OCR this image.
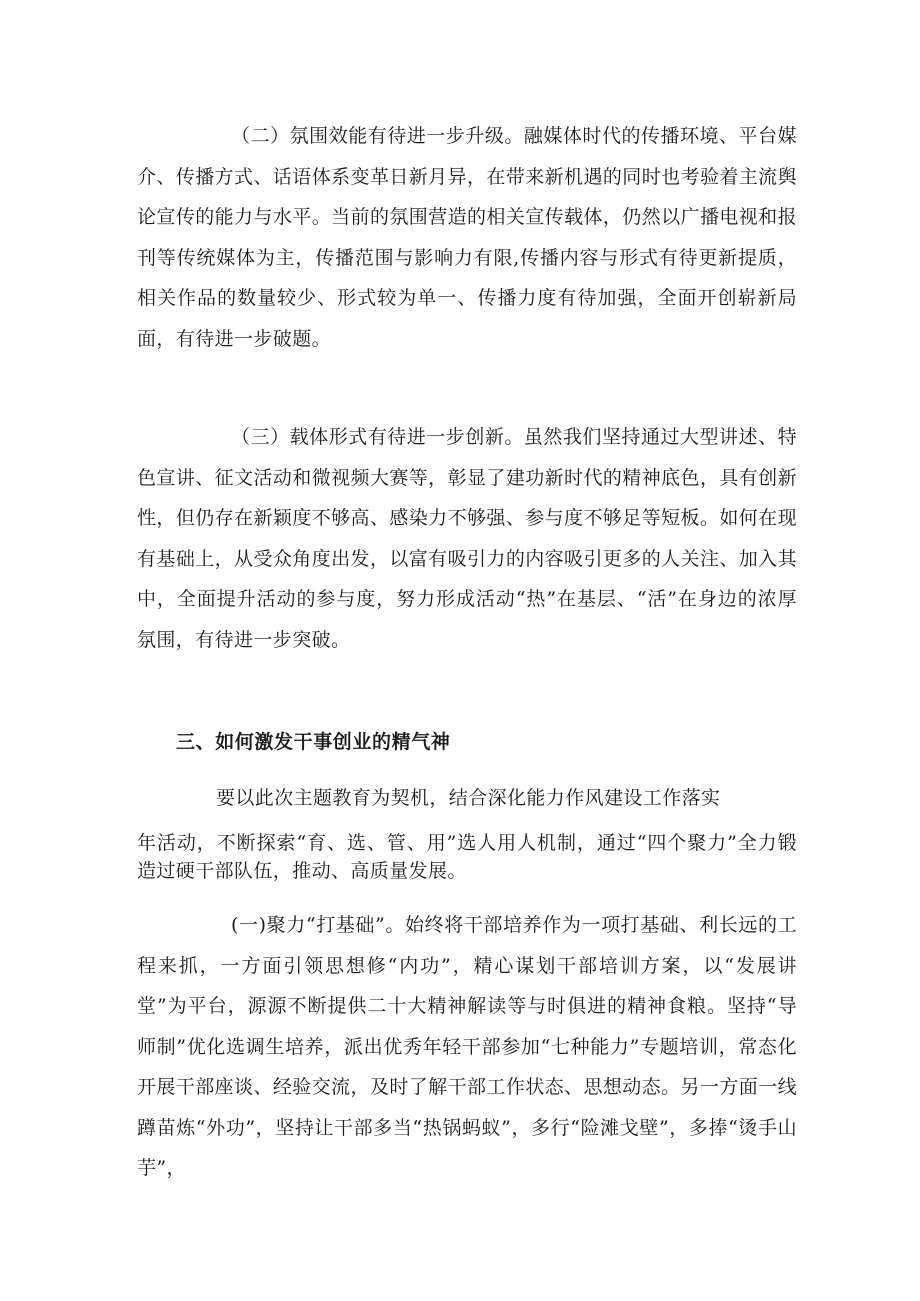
（二）氛围效能有待进一步升级。融媒体时代的传播环境、平台媒介、传播方式、话语体系变革日新月异，在带来新机遇的同时也考验着主流舆论宣传的能力与水平。当前的氛围营造的相关宣传载体，仍然以广播电视和报刊等传统媒体为主，传播范围与影响力有限,传播内容与形式有待更新提质，相关作品的数量较少、形式较为单一、传播力度有待加强，全面开创崭新局面，有待进一步破题。

（三）载体形式有待进一步创新。虽然我们坚持通过大型讲述、特色宣讲、征文活动和微视频大赛等，彰显了建功新时代的精神底色，具有创新性，但仍存在新颖度不够高、感染力不够强、参与度不够足等短板。如何在现有基础上，从受众角度出发，以富有吸引力的内容吸引更多的人关注、加入其中，全面提升活动的参与度，努力形成活动“热”在基层、“活”在身边的浓厚氛围，有待进一步突破。

三、如何激发干事创业的精气神

要以此次主题教育为契机，结合深化能力作风建设工作落实

年活动，不断探索“育、选、管、用”选人用人机制，通过“四个聚力”全力锻造过硬干部队伍，推动、高质量发展。

(一)聚力“打基础”。始终将干部培养作为一项打基础、利长远的工程来抓，一方面引领思想修“内功”，精心谋划干部培训方案，以“发展讲堂”为平台，源源不断提供二十大精神解读等与时俱进的精神食粮。坚持“导师制”优化选调生培养，派出优秀年轻干部参加“七种能力”专题培训，常态化开展干部座谈、经验交流，及时了解干部工作状态、思想动态。另一方面一线蹲苗炼“外功”，坚持让干部多当“热锅蚂蚁”，多行“险滩戈壁”，多捧“烫手山芋”，
